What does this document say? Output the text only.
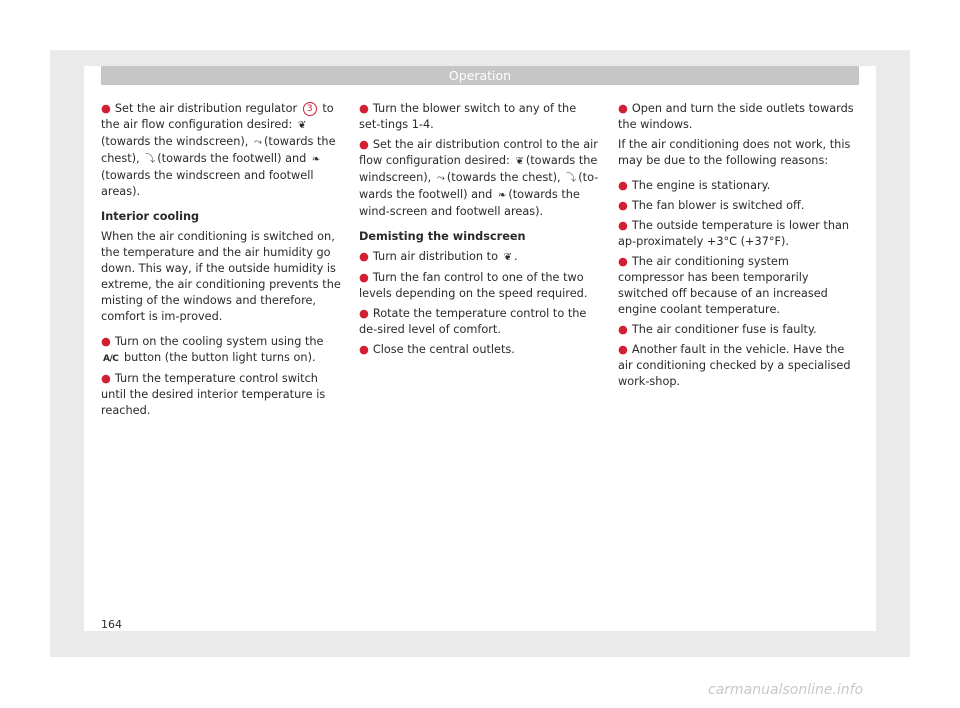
Operation

● Set the air distribution regulator 3 to the air flow configuration desired: ❦(towards the windscreen), ⤳ (towards the chest), ⤵ (towards the footwell) and ❧(towards the windscreen and footwell areas).

Interior cooling

When the air conditioning is switched on, the temperature and the air humidity go down. This way, if the outside humidity is extreme, the air conditioning prevents the misting of the windows and therefore, comfort is im-proved.

● Turn on the cooling system using the A/C button (the button light turns on).

● Turn the temperature control switch until the desired interior temperature is reached.

● Turn the blower switch to any of the set-tings 1-4.

● Set the air distribution control to the air flow configuration desired: ❦ (towards the windscreen), ⤳ (towards the chest), ⤵ (to-wards the footwell) and ❧ (towards the wind-screen and footwell areas).

Demisting the windscreen

● Turn air distribution to ❦ .

● Turn the fan control to one of the two levels depending on the speed required.

● Rotate the temperature control to the de-sired level of comfort.

● Close the central outlets.

● Open and turn the side outlets towards the windows.

If the air conditioning does not work, this may be due to the following reasons:

● The engine is stationary.

● The fan blower is switched off.

● The outside temperature is lower than ap-proximately +3°C (+37°F).

● The air conditioning system compressor has been temporarily switched off because of an increased engine coolant temperature.

● The air conditioner fuse is faulty.

● Another fault in the vehicle. Have the air conditioning checked by a specialised work-shop.

164
carmanualsonline.info
